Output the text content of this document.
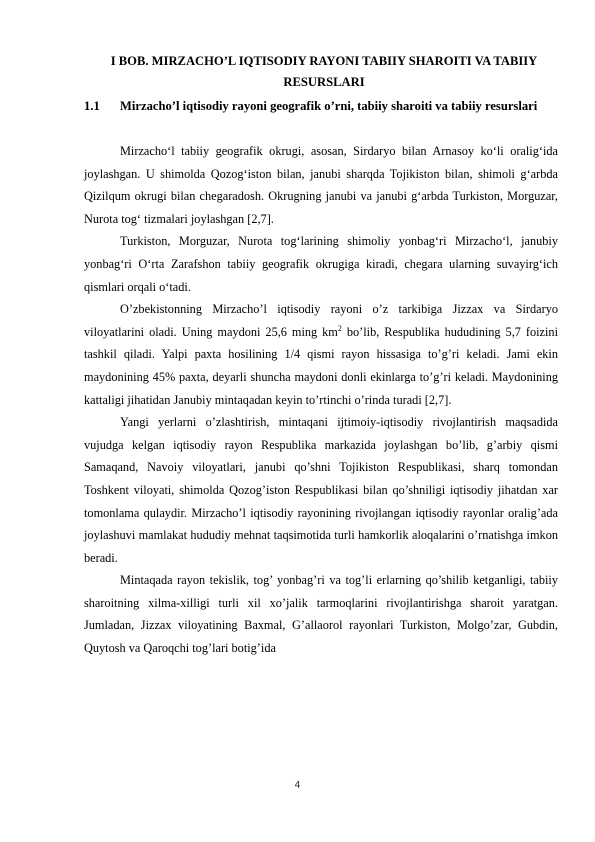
I BOB. MIRZACHO’L IQTISODIY RAYONI TABIIY SHAROITI VA TABIIY RESURSLARI
1.1 Mirzacho’l iqtisodiy rayoni geografik o’rni, tabiiy sharoiti va tabiiy resurslari

Mirzacho‘l tabiiy geografik okrugi, asosan, Sirdaryo bilan Arnasoy ko‘li oralig‘ida joylashgan. U shimolda Qozog‘iston bilan, janubi sharqda Tojikiston bilan, shimoli g‘arbda Qizilqum okrugi bilan chegaradosh. Okrugning janubi va janubi g‘arbda Turkiston, Morguzar, Nurota tog‘ tizmalari joylashgan [2,7].

Turkiston, Morguzar, Nurota tog‘larining shimoliy yonbag‘ri Mirzacho‘l, janubiy yonbag‘ri O‘rta Zarafshon tabiiy geografik okrugiga kiradi, chegara ularning suvayirg‘ich qismlari orqali o‘tadi.

O’zbekistonning Mirzacho’l iqtisodiy rayoni o’z tarkibiga Jizzax va Sirdaryo viloyatlarini oladi. Uning maydoni 25,6 ming $km^2$ bo’lib, Respublika hududining 5,7 foizini tashkil qiladi. Yalpi paxta hosilining 1/4 qismi rayon hissasiga to’g’ri keladi. Jami ekin maydonining 45% paxta, deyarli shuncha maydoni donli ekinlarga to’g’ri keladi. Maydonining kattaligi jihatidan Janubiy mintaqadan keyin to’rtinchi o’rinda turadi [2,7].

Yangi yerlarni o’zlashtirish, mintaqani ijtimoiy-iqtisodiy rivojlantirish maqsadida vujudga kelgan iqtisodiy rayon Respublika markazida joylashgan bo’lib, g’arbiy qismi Samaqand, Navoiy viloyatlari, janubi qo’shni Tojikiston Respublikasi, sharq tomondan Toshkent viloyati, shimolda Qozog’iston Respublikasi bilan qo’shniligi iqtisodiy jihatdan xar tomonlama qulaydir. Mirzacho’l iqtisodiy rayonining rivojlangan iqtisodiy rayonlar oralig’ada joylashuvi mamlakat hududiy mehnat taqsimotida turli hamkorlik aloqalarini o’rnatishga imkon beradi.

Mintaqada rayon tekislik, tog’ yonbag’ri va tog’li erlarning qo’shilib ketganligi, tabiiy sharoitning xilma-xilligi turli xil xo’jalik tarmoqlarini rivojlantirishga sharoit yaratgan. Jumladan, Jizzax viloyatining Baxmal, G’allaorol rayonlari Turkiston, Molgo’zar, Gubdin, Quytosh va Qaroqchi tog’lari botig’ida

4
